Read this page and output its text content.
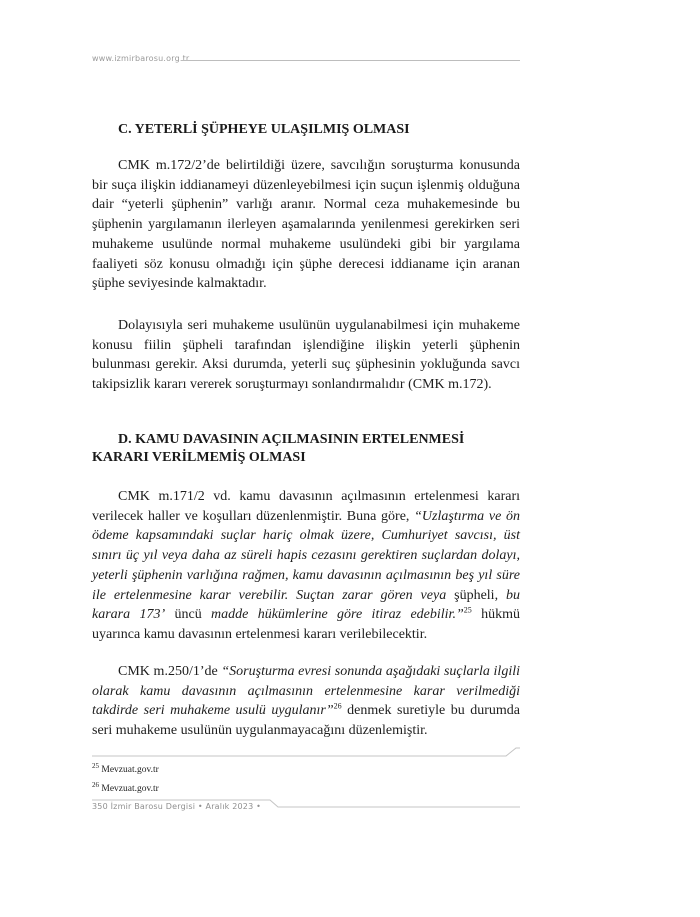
www.izmirbarosu.org.tr
C. YETERLİ ŞÜPHEYE ULAŞILMIŞ OLMASI

CMK m.172/2’de belirtildiği üzere, savcılığın soruşturma konusunda bir suça ilişkin iddianameyi düzenleyebilmesi için suçun işlenmiş olduğuna dair “yeterli şüphenin” varlığı aranır. Normal ceza muhakemesinde bu şüphenin yargılamanın ilerleyen aşamalarında yenilenmesi gerekirken seri muhakeme usulünde normal muhakeme usulündeki gibi bir yargılama faaliyeti söz konusu olmadığı için şüphe derecesi iddianame için aranan şüphe seviyesinde kalmaktadır.

Dolayısıyla seri muhakeme usulünün uygulanabilmesi için muhakeme konusu fiilin şüpheli tarafından işlendiğine ilişkin yeterli şüphenin bulunması gerekir. Aksi durumda, yeterli suç şüphesinin yokluğunda savcı takipsizlik kararı vererek soruşturmayı sonlandırmalıdır (CMK m.172).

D. KAMU DAVASININ AÇILMASININ ERTELENMESİ KARARI VERİLMEMİŞ OLMASI

CMK m.171/2 vd. kamu davasının açılmasının ertelenmesi kararı verilecek haller ve koşulları düzenlenmiştir. Buna göre, “Uzlaştırma ve ön ödeme kapsamındaki suçlar hariç olmak üzere, Cumhuriyet savcısı, üst sınırı üç yıl veya daha az süreli hapis cezasını gerektiren suçlardan dolayı, yeterli şüphenin varlığına rağmen, kamu davasının açılmasının beş yıl süre ile ertelenmesine karar verebilir. Suçtan zarar gören veya şüpheli, bu karara 173’ üncü madde hükümlerine göre itiraz edebilir.”$^{25}$ hükmü uyarınca kamu davasının ertelenmesi kararı verilebilecektir.

CMK m.250/1’de “Soruşturma evresi sonunda aşağıdaki suçlarla ilgili olarak kamu davasının açılmasının ertelenmesine karar verilmediği takdirde seri muhakeme usulü uygulanır”$^{26}$ denmek suretiyle bu durumda seri muhakeme usulünün uygulanmayacağını düzenlemiştir.

$^{25}$ Mevzuat.gov.tr
$^{26}$ Mevzuat.gov.tr
350 İzmir Barosu Dergisi • Aralık 2023 •
